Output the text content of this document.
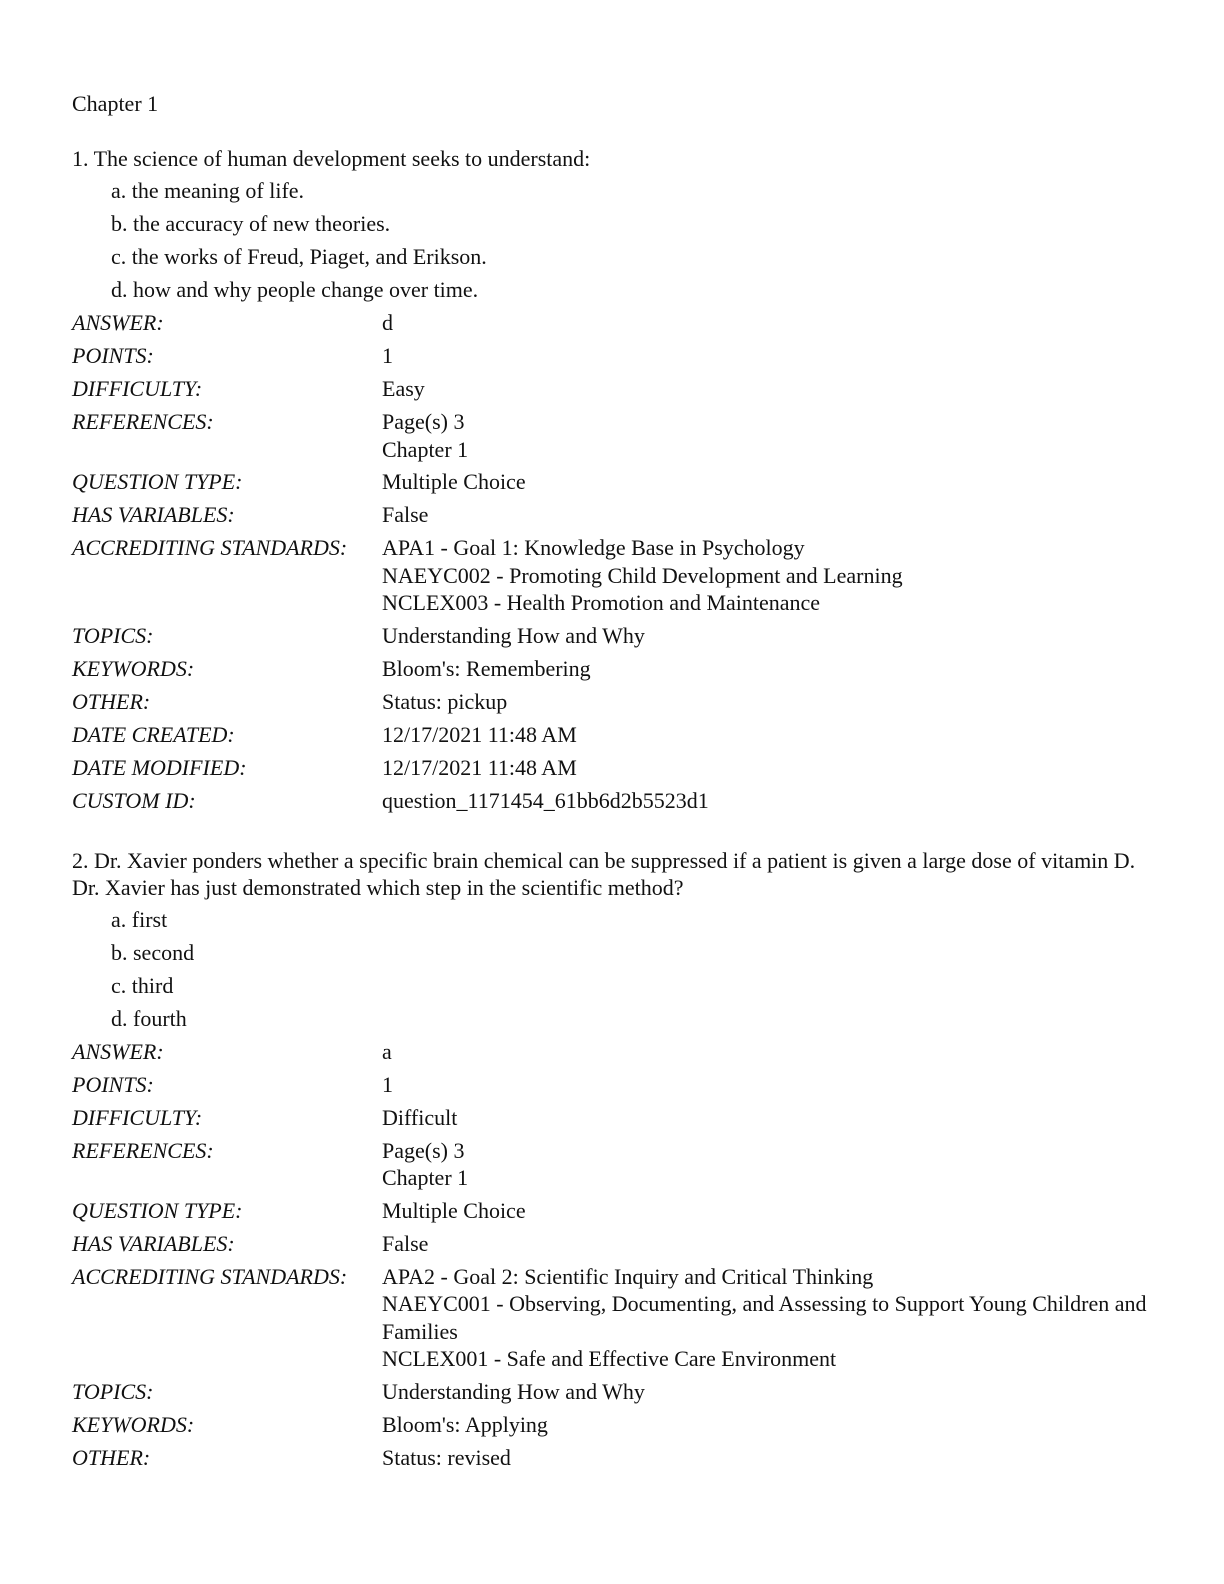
Chapter 1

1. The science of human development seeks to understand:

a. the meaning of life.
b. the accuracy of new theories.
c. the works of Freud, Piaget, and Erikson.
d. how and why people change over time.
ANSWER:	d
POINTS:	1
DIFFICULTY:	Easy
REFERENCES:	Page(s) 3
Chapter 1
QUESTION TYPE:	Multiple Choice
HAS VARIABLES:	False
ACCREDITING STANDARDS:	APA1 - Goal 1: Knowledge Base in Psychology
NAEYC002 - Promoting Child Development and Learning
NCLEX003 - Health Promotion and Maintenance
TOPICS:	Understanding How and Why
KEYWORDS:	Bloom's: Remembering
OTHER:	Status: pickup
DATE CREATED:	12/17/2021 11:48 AM
DATE MODIFIED:	12/17/2021 11:48 AM
CUSTOM ID:	question_1171454_61bb6d2b5523d1

2. Dr. Xavier ponders whether a specific brain chemical can be suppressed if a patient is given a large dose of vitamin D. Dr. Xavier has just demonstrated which step in the scientific method?

a. first
b. second
c. third
d. fourth
ANSWER:	a
POINTS:	1
DIFFICULTY:	Difficult
REFERENCES:	Page(s) 3
Chapter 1
QUESTION TYPE:	Multiple Choice
HAS VARIABLES:	False
ACCREDITING STANDARDS:	APA2 - Goal 2: Scientific Inquiry and Critical Thinking
NAEYC001 - Observing, Documenting, and Assessing to Support Young Children and Families
NCLEX001 - Safe and Effective Care Environment
TOPICS:	Understanding How and Why
KEYWORDS:	Bloom's: Applying
OTHER:	Status: revised
